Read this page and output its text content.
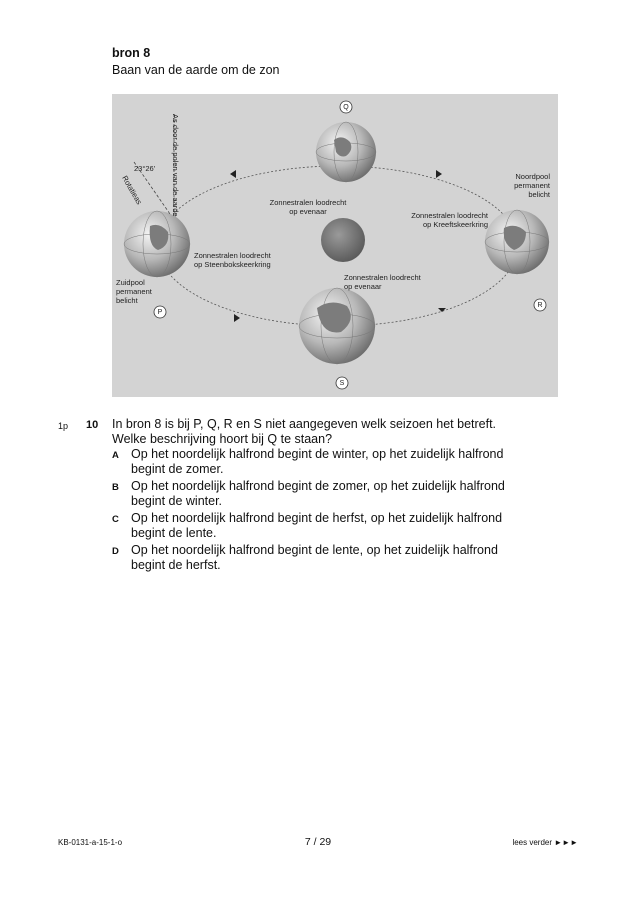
bron 8
Baan van de aarde om de zon
As door de polen van de aarde
23°26'
Rotatieas	Zonnestralen loodrecht
op evenaar	Zonnestralen loodrecht
op Kreeftskeerkring
Zonnestralen loodrecht
op Steenbokskeerkring
Zonnestralen loodrecht
op evenaar
Noordpool
permanent
belicht
Zuidpool
permanent
belicht
Q
P
R
S
1p 10 In bron 8 is bij P, Q, R en S niet aangegeven welk seizoen het betreft.
Welke beschrijving hoort bij Q te staan?
A Op het noordelijk halfrond begint de winter, op het zuidelijk halfrond
begint de zomer.
B Op het noordelijk halfrond begint de zomer, op het zuidelijk halfrond
begint de winter.
C Op het noordelijk halfrond begint de herfst, op het zuidelijk halfrond
begint de lente.
D Op het noordelijk halfrond begint de lente, op het zuidelijk halfrond
begint de herfst.
KB-0131-a-15-1-o	7 / 29	lees verder ►►►
